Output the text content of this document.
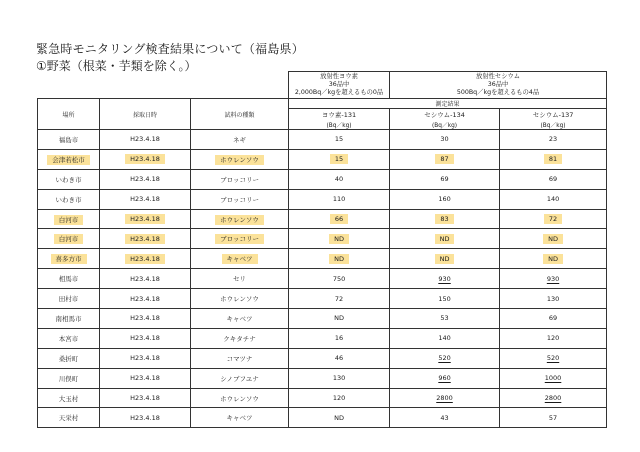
緊急時モニタリング検査結果について（福島県）
①野菜（根菜・芋類を除く。）

			放射性ヨウ素
36品中
2,000Bq／kgを超えるもの0品	放射性セシウム
36品中
500Bq／kgを超えるもの4品	

場所	採取日時	試料の種類	測定結果		
			ヨウ素-131	セシウム-134	セシウム-137
			(Bq／kg)	(Bq／kg)	(Bq／kg)
福島市	H23.4.18	ネギ	15	30	23
会津若松市	H23.4.18	ホウレンソウ	15	87	81
いわき市	H23.4.18	ブロッコリー	40	69	69
いわき市	H23.4.18	ブロッコリー	110	160	140
白河市	H23.4.18	ホウレンソウ	66	83	72
白河市	H23.4.18	ブロッコリー	ND	ND	ND
喜多方市	H23.4.18	キャベツ	ND	ND	ND
相馬市	H23.4.18	セリ	750	930	930
田村市	H23.4.18	ホウレンソウ	72	150	130
南相馬市	H23.4.18	キャベツ	ND	53	69
本宮市	H23.4.18	クキタチナ	16	140	120
桑折町	H23.4.18	コマツナ	46	520	520
川俣町	H23.4.18	シノブフユナ	130	960	1000
大玉村	H23.4.18	ホウレンソウ	120	2800	2800
天栄村	H23.4.18	キャベツ	ND	43	57
